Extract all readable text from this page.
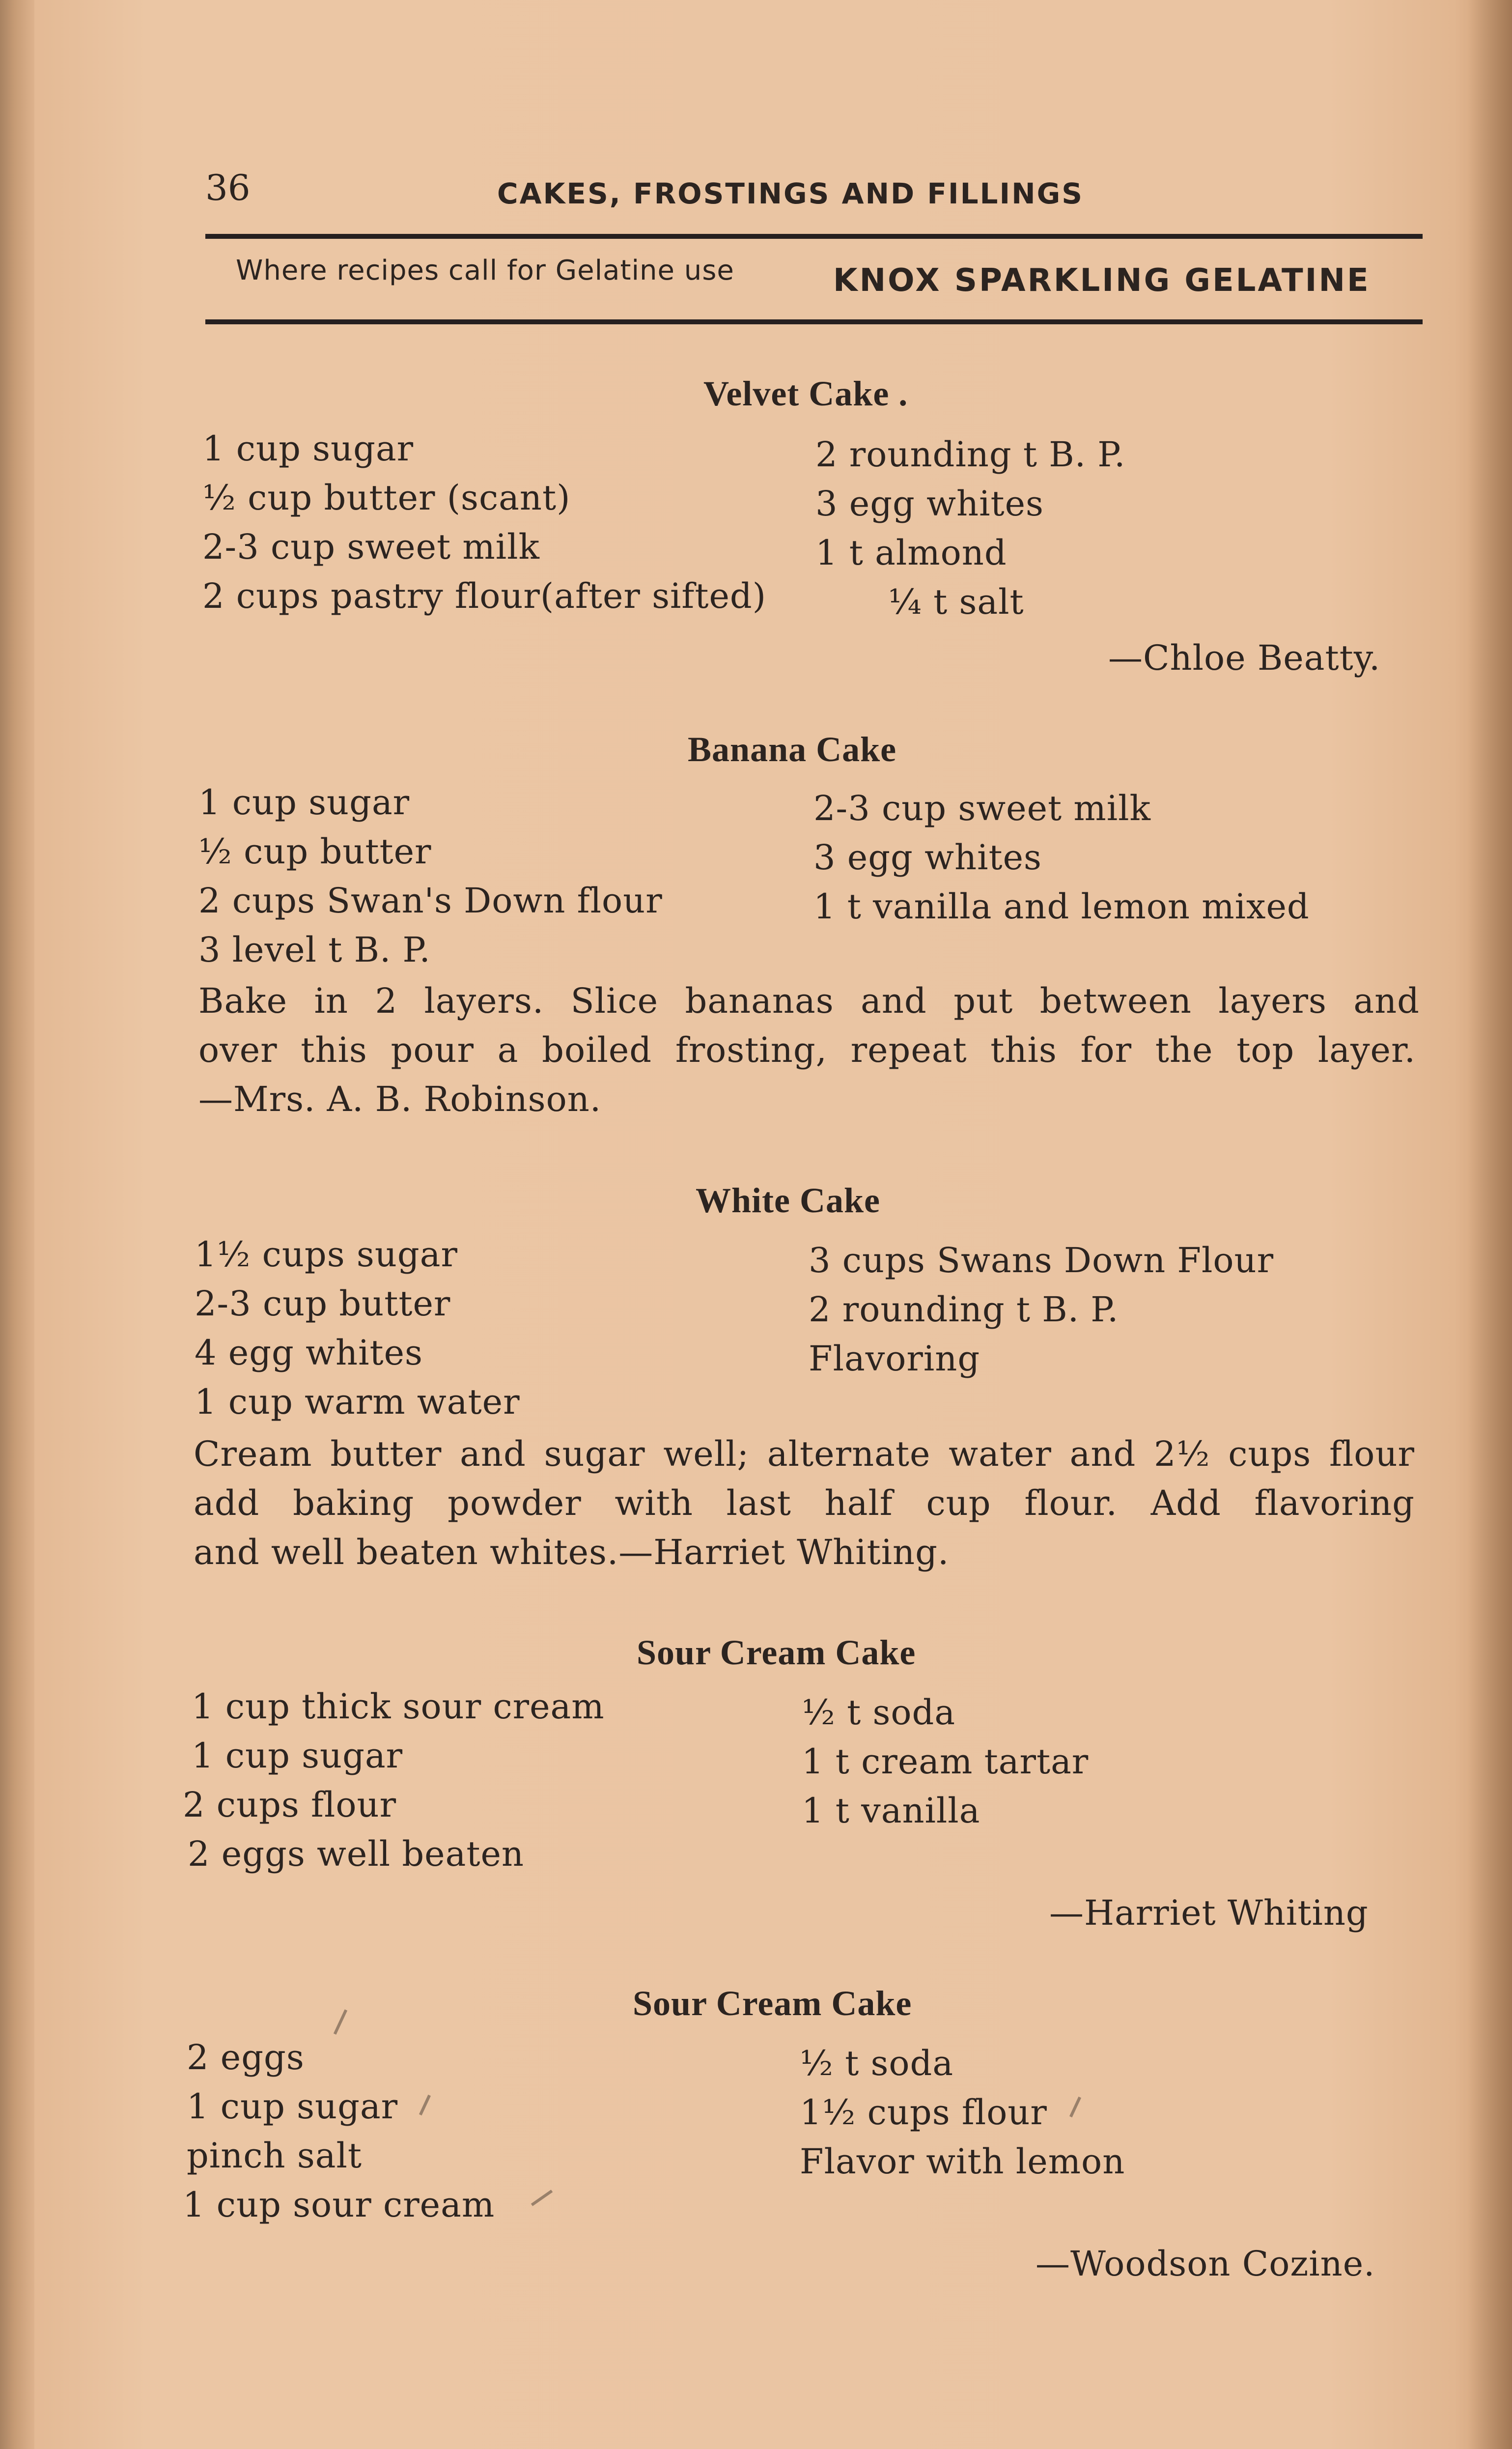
36	CAKES, FROSTINGS AND FILLINGS
Where recipes call for Gelatine use	KNOX SPARKLING GELATINE
Velvet Cake .
1 cup sugar
½ cup butter (scant)
2-3 cup sweet milk
2 cups pastry flour(after sifted)
2 rounding t B. P.
3 egg whites
1 t almond
¼ t salt
—Chloe Beatty.
Banana Cake
1 cup sugar
½ cup butter
2 cups Swan's Down flour
3 level t B. P.
2-3 cup sweet milk
3 egg whites
1 t vanilla and lemon mixed
Bake in 2 layers. Slice bananas and put between layers and
over this pour a boiled frosting, repeat this for the top layer.
—Mrs. A. B. Robinson.
White Cake
1½ cups sugar
2-3 cup butter
4 egg whites
1 cup warm water
3 cups Swans Down Flour
2 rounding t B. P.
Flavoring
Cream butter and sugar well; alternate water and 2½ cups flour
add baking powder with last half cup flour. Add flavoring
and well beaten whites.—Harriet Whiting.
Sour Cream Cake
1 cup thick sour cream
1 cup sugar
2 cups flour
2 eggs well beaten
½ t soda
1 t cream tartar
1 t vanilla
—Harriet Whiting
Sour Cream Cake
2 eggs
1 cup sugar
pinch salt
1 cup sour cream
½ t soda
1½ cups flour
Flavor with lemon
—Woodson Cozine.
